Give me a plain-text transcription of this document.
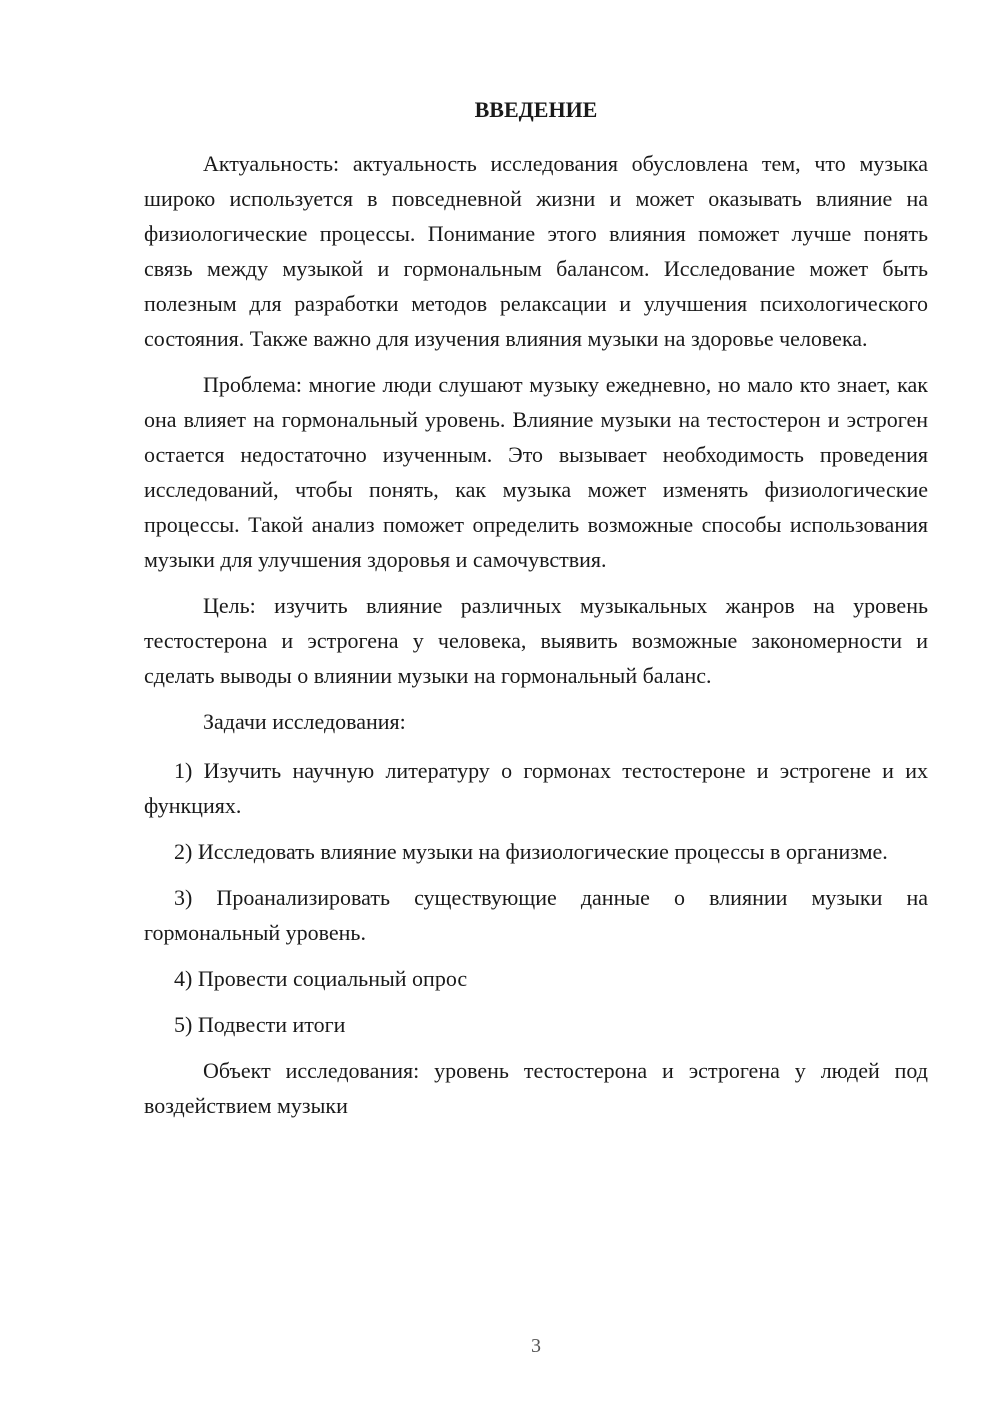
ВВЕДЕНИЕ

Актуальность: актуальность исследования обусловлена тем, что музыка широко используется в повседневной жизни и может оказывать влияние на физиологические процессы. Понимание этого влияния поможет лучше понять связь между музыкой и гормональным балансом. Исследование может быть полезным для разработки методов релаксации и улучшения психологического состояния. Также важно для изучения влияния музыки на здоровье человека.

Проблема: многие люди слушают музыку ежедневно, но мало кто знает, как она влияет на гормональный уровень. Влияние музыки на тестостерон и эстроген остается недостаточно изученным. Это вызывает необходимость проведения исследований, чтобы понять, как музыка может изменять физиологические процессы. Такой анализ поможет определить возможные способы использования музыки для улучшения здоровья и самочувствия.

Цель: изучить влияние различных музыкальных жанров на уровень тестостерона и эстрогена у человека, выявить возможные закономерности и сделать выводы о влиянии музыки на гормональный баланс.

Задачи исследования:

1) Изучить научную литературу о гормонах тестостероне и эстрогене и их функциях.
2) Исследовать влияние музыки на физиологические процессы в организме.
3) Проанализировать существующие данные о влиянии музыки на гормональный уровень.
4) Провести социальный опрос
5) Подвести итоги

Объект исследования: уровень тестостерона и эстрогена у людей под воздействием музыки

3
